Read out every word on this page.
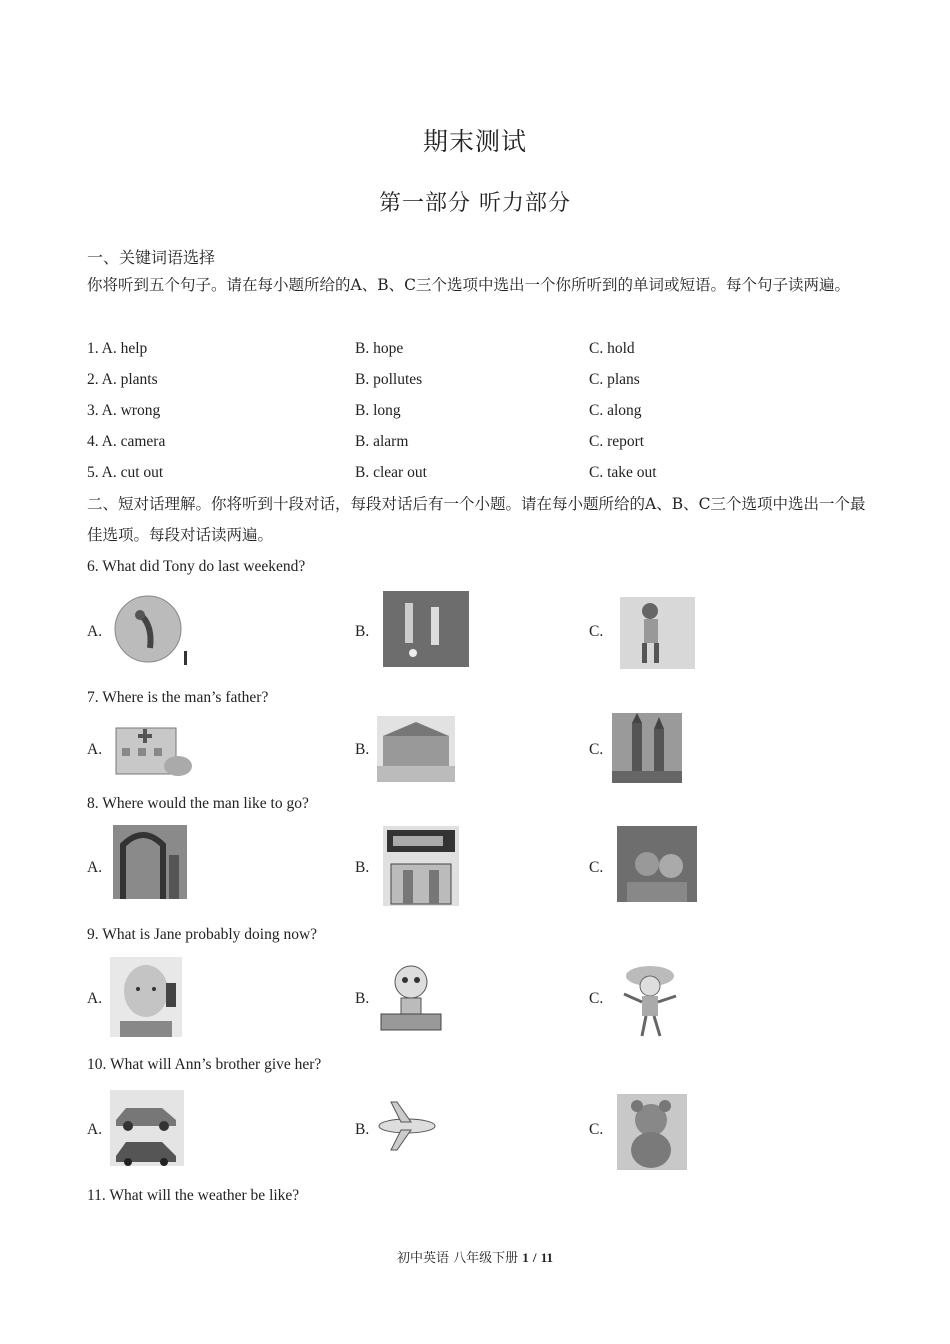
期末测试
第一部分 听力部分
一、关键词语选择
你将听到五个句子。请在每小题所给的A、B、C三个选项中选出一个你所听到的单词或短语。每个句子读两遍。
1. A. help	B. hope	C. hold
2. A. plants	B. pollutes	C. plans
3. A. wrong	B. long	C. along
4. A. camera	B. alarm	C. report
5. A. cut out	B. clear out	C. take out
二、短对话理解。你将听到十段对话，每段对话后有一个小题。请在每小题所给的A、B、C三个选项中选出一个最佳选项。每段对话读两遍。
6. What did Tony do last weekend?
A.	B.	C.
7. Where is the man’s father?
A.	B.	C.
8. Where would the man like to go?
A.	B.	C.
9. What is Jane probably doing now?
A.	B.	C.
10. What will Ann’s brother give her?
A.	B.	C.
11. What will the weather be like?
初中英语 八年级下册 1 / 11
